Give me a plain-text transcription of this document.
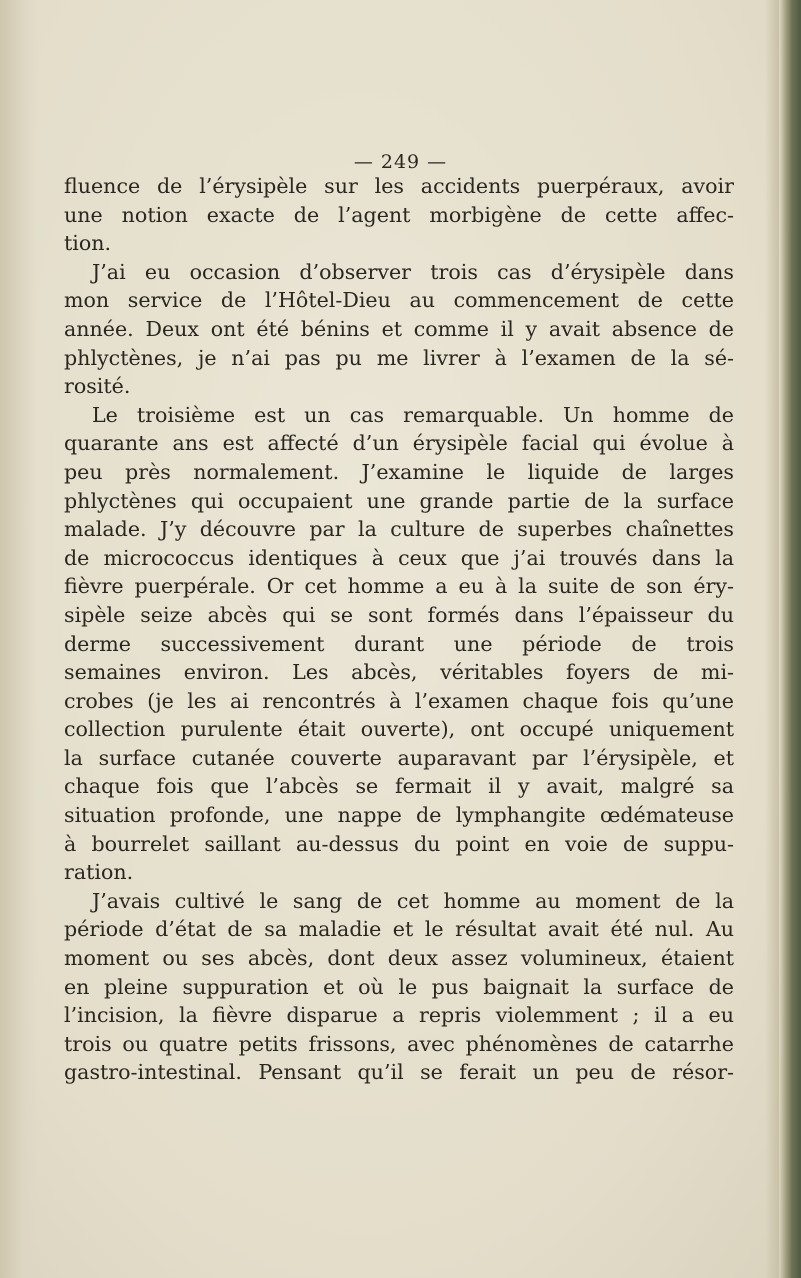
— 249 —

fluence de l’érysipèle sur les accidents puerpéraux, avoir

une notion exacte de l’agent morbigène de cette affec-

tion.

J’ai eu occasion d’observer trois cas d’érysipèle dans

mon service de l’Hôtel-Dieu au commencement de cette

année. Deux ont été bénins et comme il y avait absence de

phlyctènes, je n’ai pas pu me livrer à l’examen de la sé-

rosité.

Le troisième est un cas remarquable. Un homme de

quarante ans est affecté d’un érysipèle facial qui évolue à

peu près normalement. J’examine le liquide de larges

phlyctènes qui occupaient une grande partie de la surface

malade. J’y découvre par la culture de superbes chaînettes

de micrococcus identiques à ceux que j’ai trouvés dans la

fièvre puerpérale. Or cet homme a eu à la suite de son éry-

sipèle seize abcès qui se sont formés dans l’épaisseur du

derme successivement durant une période de trois

semaines environ. Les abcès, véritables foyers de mi-

crobes (je les ai rencontrés à l’examen chaque fois qu’une

collection purulente était ouverte), ont occupé uniquement

la surface cutanée couverte auparavant par l’érysipèle, et

chaque fois que l’abcès se fermait il y avait, malgré sa

situation profonde, une nappe de lymphangite œdémateuse

à bourrelet saillant au-dessus du point en voie de suppu-

ration.

J’avais cultivé le sang de cet homme au moment de la

période d’état de sa maladie et le résultat avait été nul. Au

moment ou ses abcès, dont deux assez volumineux, étaient

en pleine suppuration et où le pus baignait la surface de

l’incision, la fièvre disparue a repris violemment ; il a eu

trois ou quatre petits frissons, avec phénomènes de catarrhe

gastro-intestinal. Pensant qu’il se ferait un peu de résor-
